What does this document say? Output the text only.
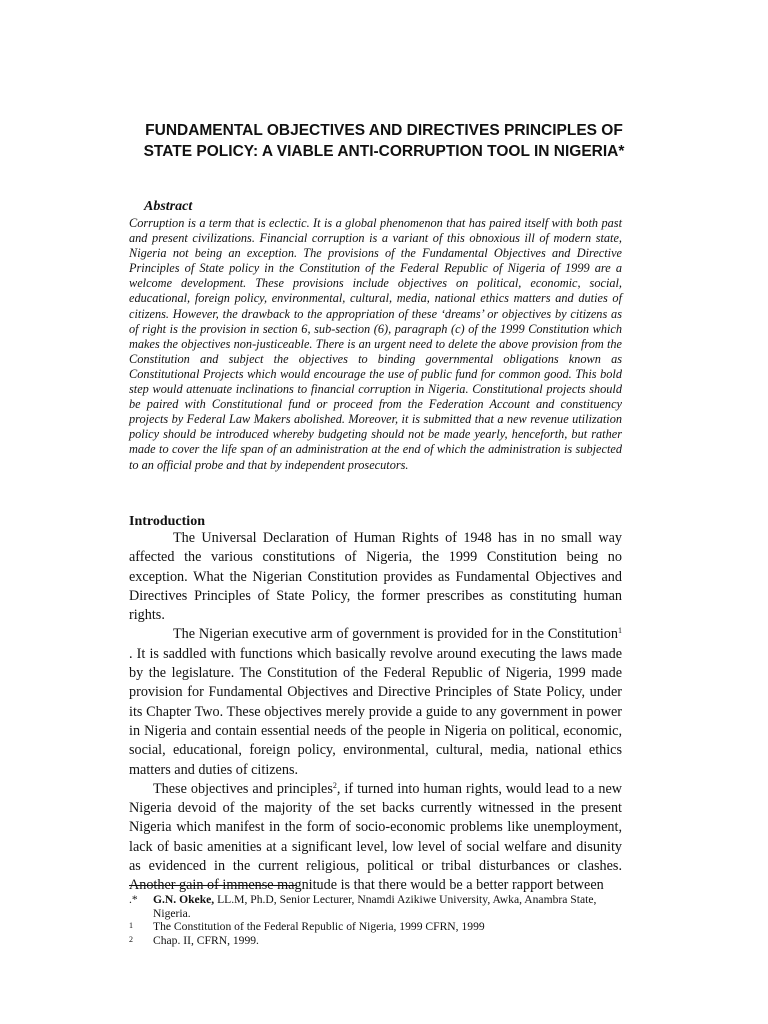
FUNDAMENTAL OBJECTIVES AND DIRECTIVES PRINCIPLES OF STATE POLICY: A VIABLE ANTI-CORRUPTION TOOL IN NIGERIA*
Abstract

Corruption is a term that is eclectic. It is a global phenomenon that has paired itself with both past and present civilizations. Financial corruption is a variant of this obnoxious ill of modern state, Nigeria not being an exception. The provisions of the Fundamental Objectives and Directive Principles of State policy in the Constitution of the Federal Republic of Nigeria of 1999 are a welcome development. These provisions include objectives on political, economic, social, educational, foreign policy, environmental, cultural, media, national ethics matters and duties of citizens. However, the drawback to the appropriation of these ‘dreams’ or objectives by citizens as of right is the provision in section 6, sub-section (6), paragraph (c) of the 1999 Constitution which makes the objectives non-justiceable. There is an urgent need to delete the above provision from the Constitution and subject the objectives to binding governmental obligations known as Constitutional Projects which would encourage the use of public fund for common good. This bold step would attenuate inclinations to financial corruption in Nigeria. Constitutional projects should be paired with Constitutional fund or proceed from the Federation Account and constituency projects by Federal Law Makers abolished. Moreover, it is submitted that a new revenue utilization policy should be introduced whereby budgeting should not be made yearly, henceforth, but rather made to cover the life span of an administration at the end of which the administration is subjected to an official probe and that by independent prosecutors.

Introduction

The Universal Declaration of Human Rights of 1948 has in no small way affected the various constitutions of Nigeria, the 1999 Constitution being no exception. What the Nigerian Constitution provides as Fundamental Objectives and Directives Principles of State Policy, the former prescribes as constituting human rights.

The Nigerian executive arm of government is provided for in the Constitution$^1$ . It is saddled with functions which basically revolve around executing the laws made by the legislature. The Constitution of the Federal Republic of Nigeria, 1999 made provision for Fundamental Objectives and Directive Principles of State Policy, under its Chapter Two. These objectives merely provide a guide to any government in power in Nigeria and contain essential needs of the people in Nigeria on political, economic, social, educational, foreign policy, environmental, cultural, media, national ethics matters and duties of citizens.

These objectives and principles$^2$, if turned into human rights, would lead to a new Nigeria devoid of the majority of the set backs currently witnessed in the present Nigeria which manifest in the form of socio-economic problems like unemployment, lack of basic amenities at a significant level, low level of social welfare and disunity as evidenced in the current religious, political or tribal disturbances or clashes. Another gain of immense magnitude is that there would be a better rapport between

.*	G.N. Okeke, LL.M, Ph.D, Senior Lecturer, Nnamdi Azikiwe University, Awka, Anambra State, Nigeria.
1	The Constitution of the Federal Republic of Nigeria, 1999 CFRN, 1999
2	Chap. II, CFRN, 1999.
